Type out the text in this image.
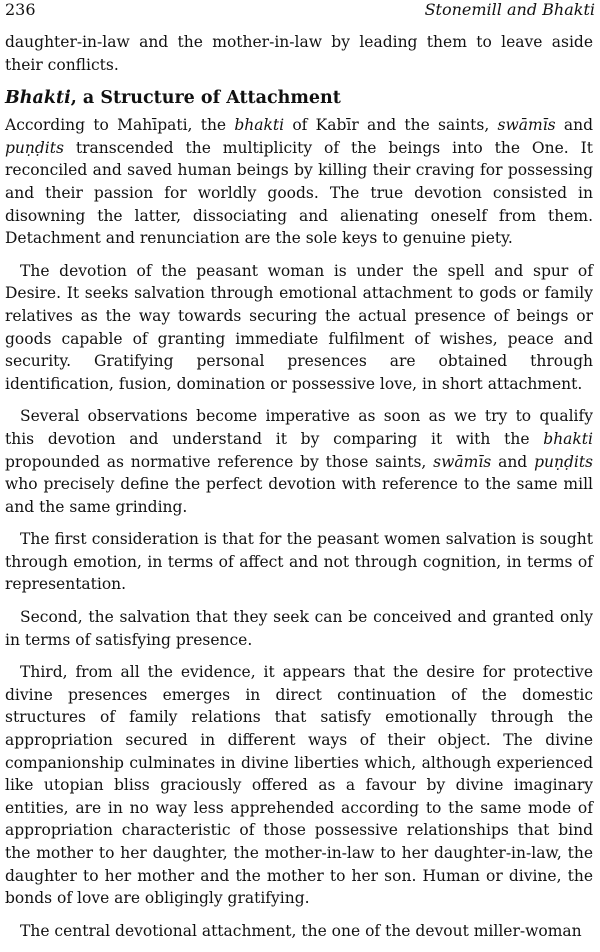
236	Stonemill and Bhakti

daughter-in-law and the mother-in-law by leading them to leave aside their conflicts.

Bhakti, a Structure of Attachment

According to Mahīpati, the bhakti of Kabīr and the saints, swāmīs and puṇḍits transcended the multiplicity of the beings into the One. It reconciled and saved human beings by killing their craving for possessing and their passion for worldly goods. The true devotion consisted in disowning the latter, dissociating and alienating oneself from them. Detachment and renunciation are the sole keys to genuine piety.

The devotion of the peasant woman is under the spell and spur of Desire. It seeks salvation through emotional attachment to gods or family relatives as the way towards securing the actual presence of beings or goods capable of granting immediate fulfilment of wishes, peace and security. Gratifying personal presences are obtained through identification, fusion, domination or possessive love, in short attachment.

Several observations become imperative as soon as we try to qualify this devotion and understand it by comparing it with the bhakti propounded as normative reference by those saints, swāmīs and puṇḍits who precisely define the perfect devotion with reference to the same mill and the same grinding.

The first consideration is that for the peasant women salvation is sought through emotion, in terms of affect and not through cognition, in terms of representation.

Second, the salvation that they seek can be conceived and granted only in terms of satisfying presence.

Third, from all the evidence, it appears that the desire for protective divine presences emerges in direct continuation of the domestic structures of family relations that satisfy emotionally through the appropriation secured in different ways of their object. The divine companionship culminates in divine liberties which, although experienced like utopian bliss graciously offered as a favour by divine imaginary entities, are in no way less apprehended according to the same mode of appropriation characteristic of those possessive relationships that bind the mother to her daughter, the mother-in-law to her daughter-in-law, the daughter to her mother and the mother to her son. Human or divine, the bonds of love are obligingly gratifying.

The central devotional attachment, the one of the devout miller-woman
